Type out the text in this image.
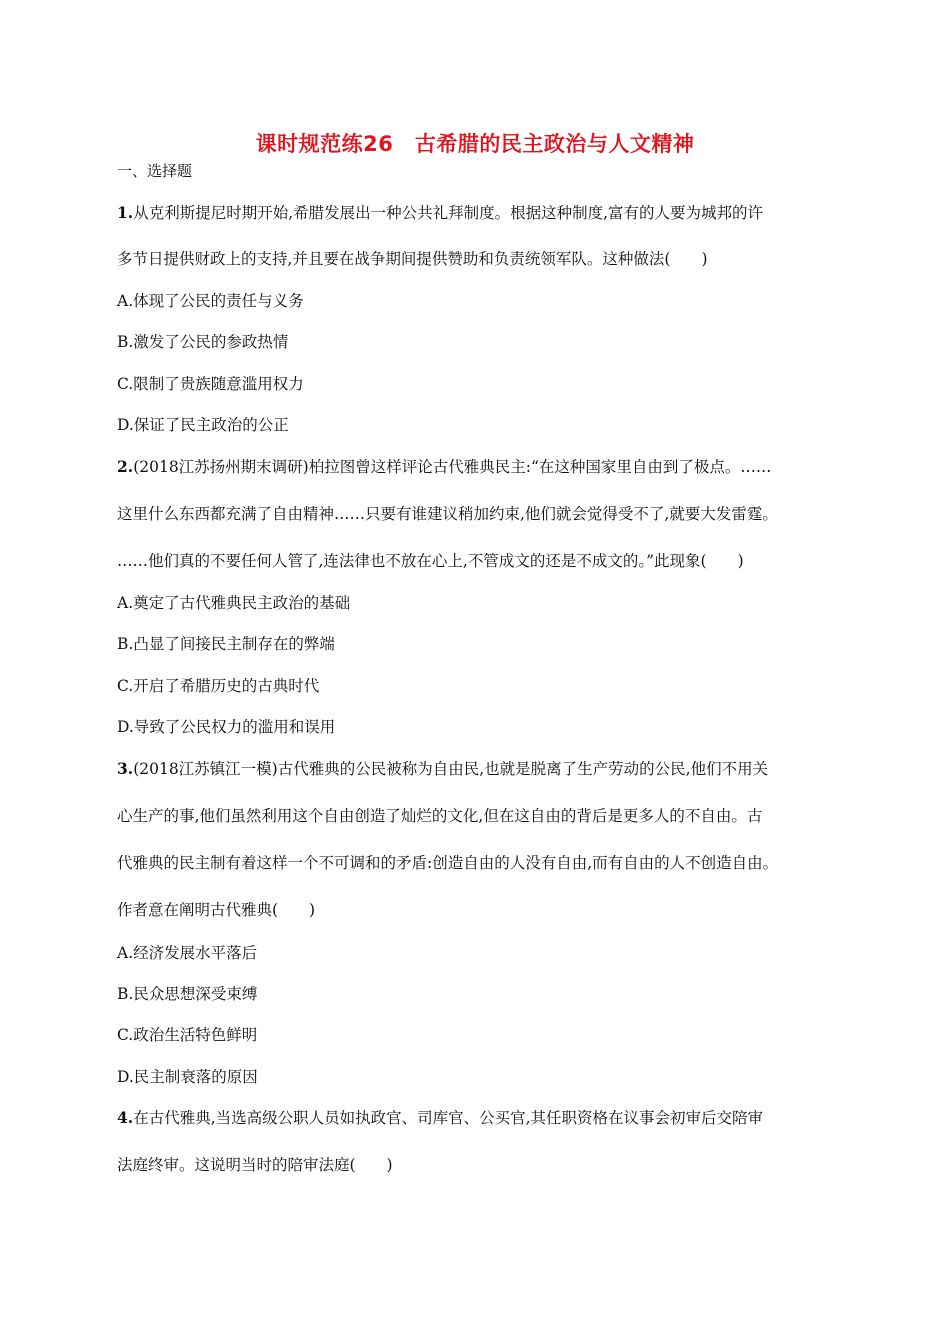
课时规范练26　古希腊的民主政治与人文精神
一、选择题
1.从克利斯提尼时期开始,希腊发展出一种公共礼拜制度。根据这种制度,富有的人要为城邦的许
多节日提供财政上的支持,并且要在战争期间提供赞助和负责统领军队。这种做法(　　)
A.体现了公民的责任与义务
B.激发了公民的参政热情
C.限制了贵族随意滥用权力
D.保证了民主政治的公正
2.(2018江苏扬州期末调研)柏拉图曾这样评论古代雅典民主:“在这种国家里自由到了极点。……
这里什么东西都充满了自由精神……只要有谁建议稍加约束,他们就会觉得受不了,就要大发雷霆。
……他们真的不要任何人管了,连法律也不放在心上,不管成文的还是不成文的。”此现象(　　)
A.奠定了古代雅典民主政治的基础
B.凸显了间接民主制存在的弊端
C.开启了希腊历史的古典时代
D.导致了公民权力的滥用和误用
3.(2018江苏镇江一模)古代雅典的公民被称为自由民,也就是脱离了生产劳动的公民,他们不用关
心生产的事,他们虽然利用这个自由创造了灿烂的文化,但在这自由的背后是更多人的不自由。古
代雅典的民主制有着这样一个不可调和的矛盾:创造自由的人没有自由,而有自由的人不创造自由。
作者意在阐明古代雅典(　　)
A.经济发展水平落后
B.民众思想深受束缚
C.政治生活特色鲜明
D.民主制衰落的原因
4.在古代雅典,当选高级公职人员如执政官、司库官、公买官,其任职资格在议事会初审后交陪审
法庭终审。这说明当时的陪审法庭(　　)
